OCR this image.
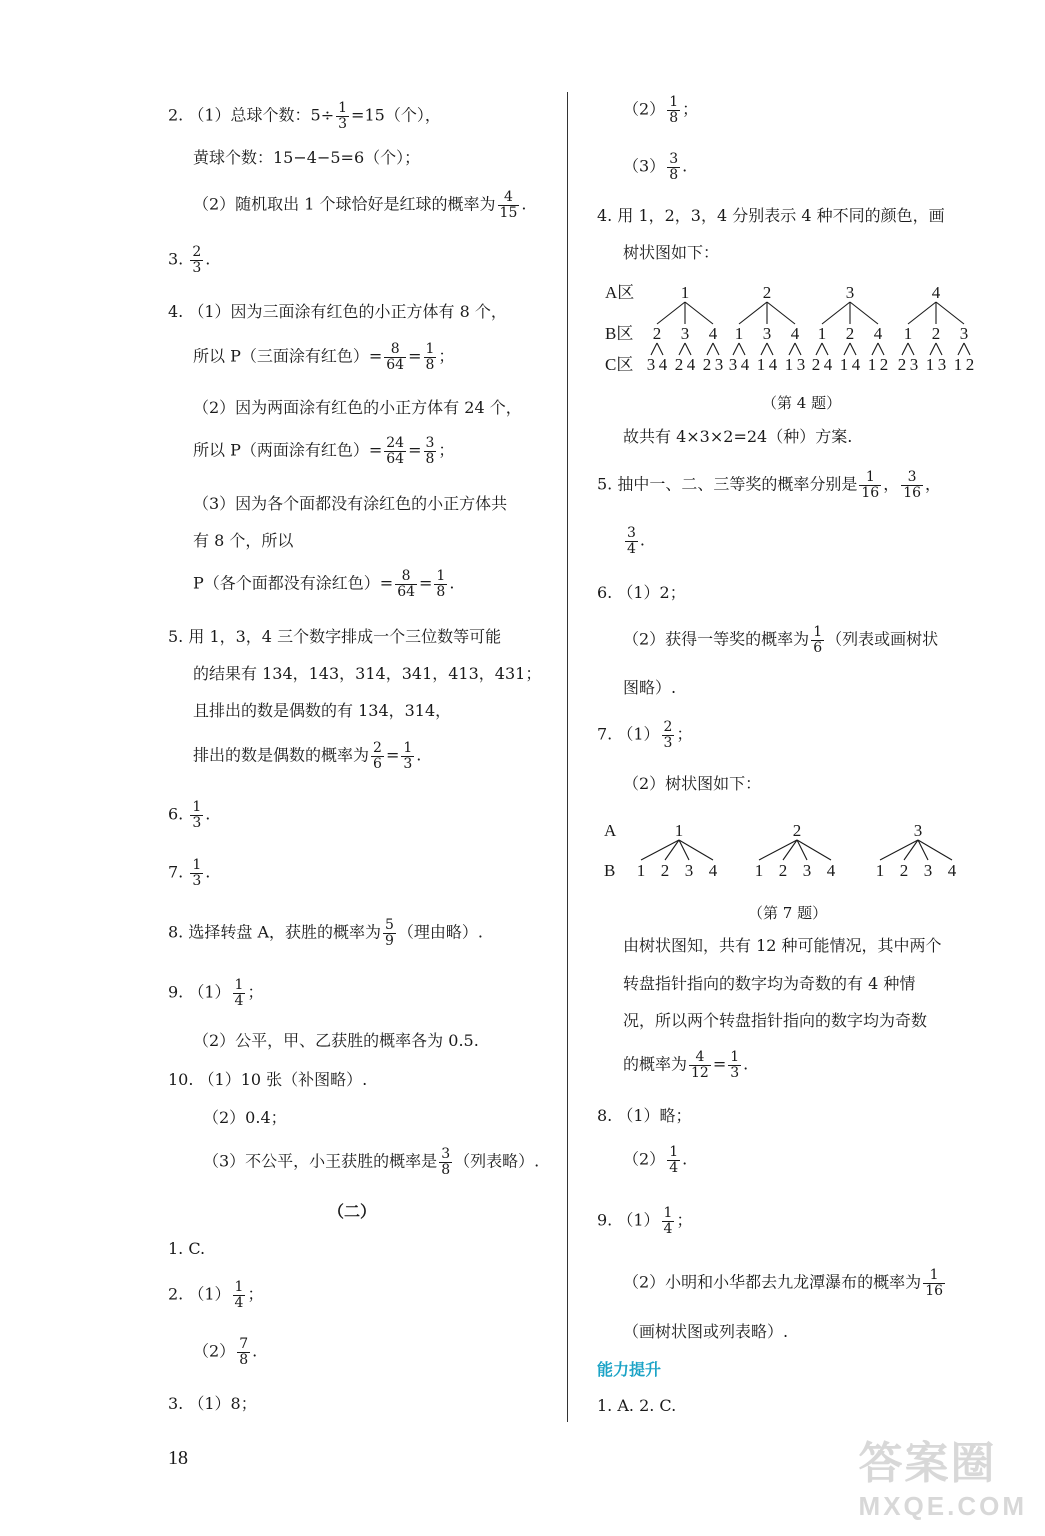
2. （1）总球个数：$5\div \frac{1}{3} =15$（个），
黄球个数：15−4−5=6（个）；
（2）随机取出 1 个球恰好是红球的概率为 $\frac{4}{15}$ .
3. $\frac{2}{3}$ .
4. （1）因为三面涂有红色的小正方体有 8 个，
所以 P（三面涂有红色）= $\frac{8}{64} = \frac{1}{8}$ ；
（2）因为两面涂有红色的小正方体有 24 个，
所以 P（两面涂有红色）= $\frac{24}{64} = \frac{3}{8}$ ；
（3）因为各个面都没有涂红色的小正方体共
有 8 个，所以
P（各个面都没有涂红色）= $\frac{8}{64} = \frac{1}{8}$ .
5. 用 1，3，4 三个数字排成一个三位数等可能
的结果有 134，143，314，341，413，431；
且排出的数是偶数的有 134，314，
排出的数是偶数的概率为 $\frac{2}{6} = \frac{1}{3}$ .
6. $\frac{1}{3}$ .
7. $\frac{1}{3}$ .
8. 选择转盘 A，获胜的概率为 $\frac{5}{9}$ （理由略）.
9. $(1) \frac{1}{4}$ ；
（2）公平，甲、乙获胜的概率各为 0.5.
10. （1）10 张（补图略）.
（2）0.4；
（3）不公平，小王获胜的概率是 $\frac{3}{8}$ （列表略）.
（二）
1. C.
2. $(1) \frac{1}{4}$ ；
$(2) \frac{7}{8}$ .
3. （1）8；
18
$(2) \frac{1}{8}$ ；
$(3) \frac{3}{8}$ .
4. 用 1，2，3，4 分别表示 4 种不同的颜色，画
树状图如下：
A区
B区
C区
1
2
3 4
3
2 4
4
2 3
2
1
3 4
3
1 4
4
1 3
3
1
2 4
2
1 4
4
1 2
4
1
2 3
2
1 3
3
1 2
（第 4 题）
故共有 4×3×2=24（种）方案.
5. 抽中一、二、三等奖的概率分别是 $\frac{1}{16}$ ， $\frac{3}{16}$ ，
$\frac{3}{4}$ .
6. （1）2；
（2）获得一等奖的概率为 $\frac{1}{6}$ （列表或画树状
图略）.
7. $(1) \frac{2}{3}$ ；
（2）树状图如下：
A
B
1
1 2 3 4
2
1 2 3 4
3
1 2 3 4
（第 7 题）
由树状图知，共有 12 种可能情况，其中两个
转盘指针指向的数字均为奇数的有 4 种情
况，所以两个转盘指针指向的数字均为奇数
的概率为 $\frac{4}{12} = \frac{1}{3}$ .
8. （1）略；
$(2) \frac{1}{4}$ .
9. $(1) \frac{1}{4}$ ；
（2）小明和小华都去九龙潭瀑布的概率为 $\frac{1}{16}$
（画树状图或列表略）.
能力提升
1. A. 2. C.
答案圈
MXQE.COM
